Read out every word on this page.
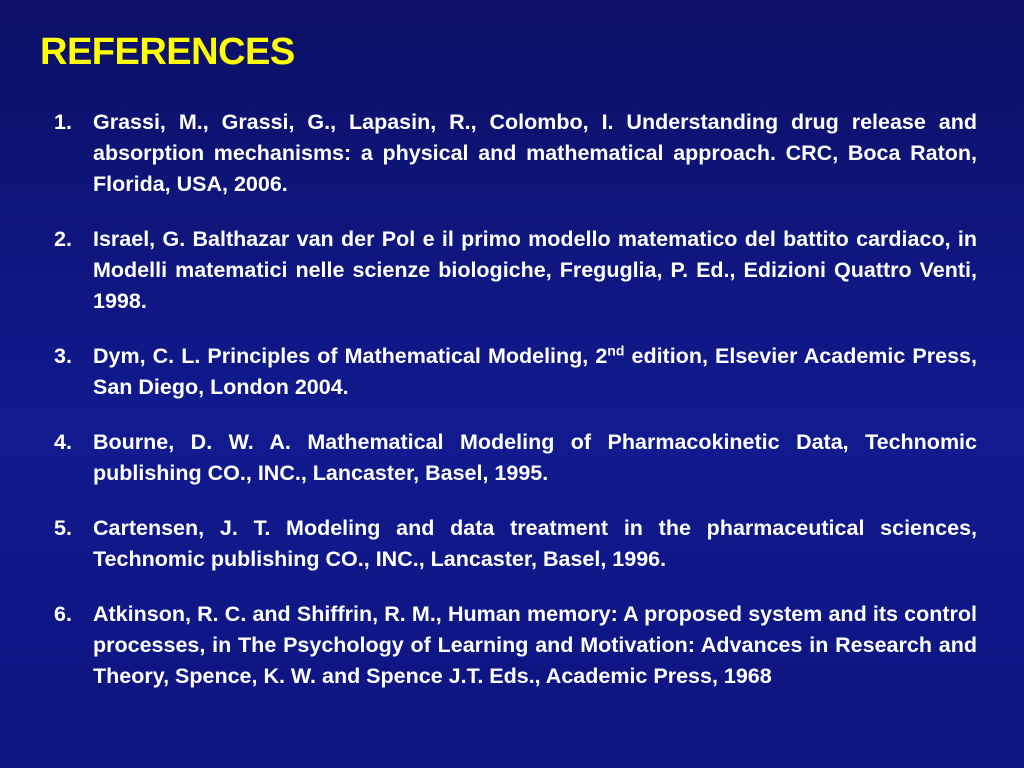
REFERENCES
1. Grassi, M., Grassi, G., Lapasin, R., Colombo, I. Understanding drug release and absorption mechanisms: a physical and mathematical approach. CRC, Boca Raton, Florida, USA, 2006.
2. Israel, G. Balthazar van der Pol e il primo modello matematico del battito cardiaco, in Modelli matematici nelle scienze biologiche, Freguglia, P. Ed., Edizioni Quattro Venti, 1998.
3. Dym, C. L. Principles of Mathematical Modeling, 2nd edition, Elsevier Academic Press, San Diego, London 2004.
4. Bourne, D. W. A. Mathematical Modeling of Pharmacokinetic Data, Technomic publishing CO., INC., Lancaster, Basel, 1995.
5. Cartensen, J. T. Modeling and data treatment in the pharmaceutical sciences, Technomic publishing CO., INC., Lancaster, Basel, 1996.
6. Atkinson, R. C. and Shiffrin, R. M., Human memory: A proposed system and its control processes, in The Psychology of Learning and Motivation: Advances in Research and Theory, Spence, K. W. and Spence J.T. Eds., Academic Press, 1968
